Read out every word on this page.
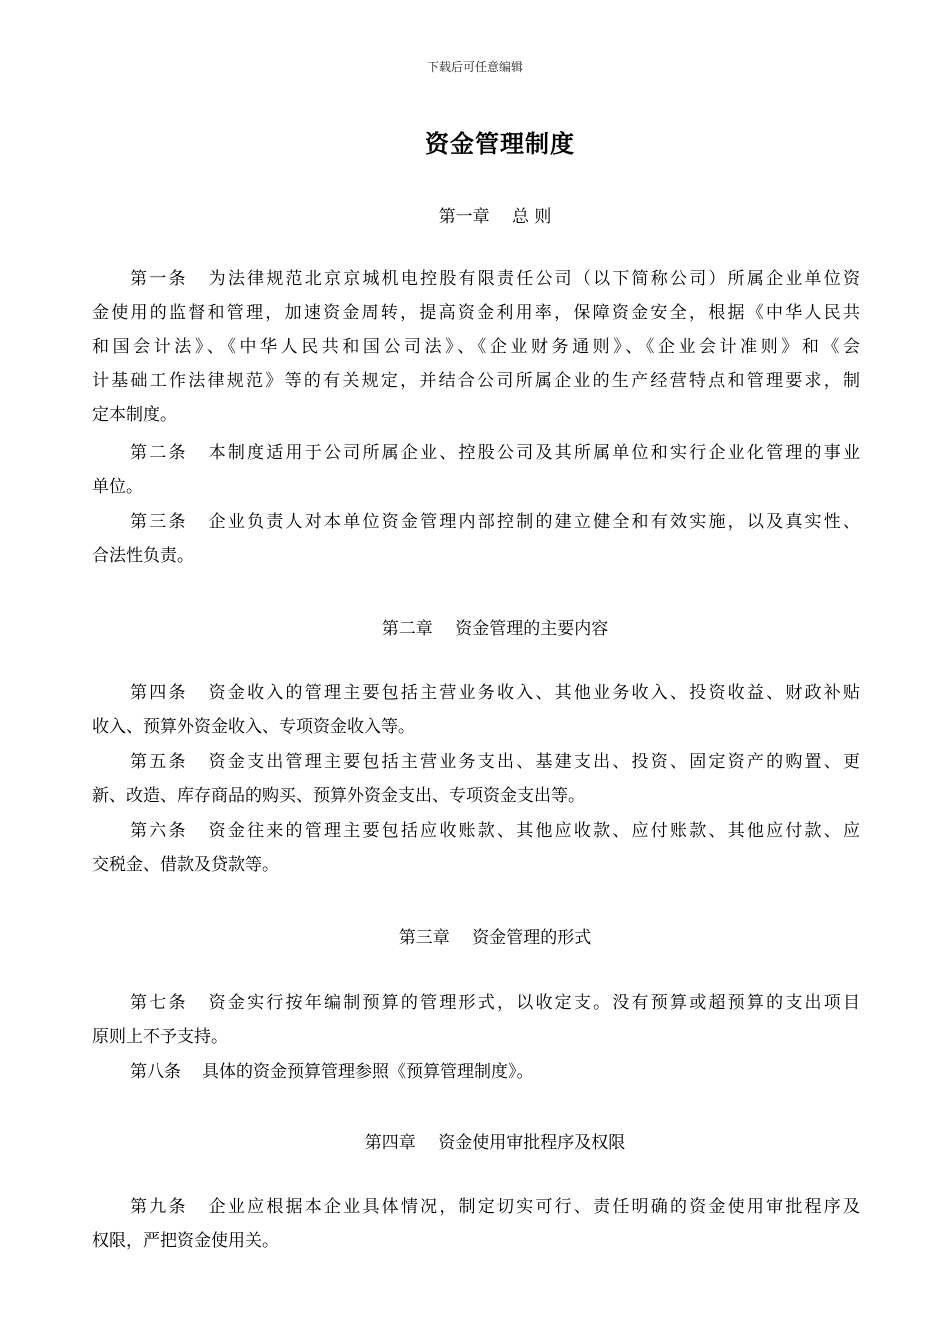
下载后可任意编辑
资金管理制度
第一章　 总 则
第一条 为法律规范北京京城机电控股有限责任公司（以下简称公司）所属企业单位资
金使用的监督和管理，加速资金周转，提高资金利用率，保障资金安全，根据《中华人民共
和国会计法》、《中华人民共和国公司法》、《企业财务通则》、《企业会计准则》和《会
计基础工作法律规范》等的有关规定，并结合公司所属企业的生产经营特点和管理要求，制
定本制度。
第二条 本制度适用于公司所属企业、控股公司及其所属单位和实行企业化管理的事业
单位。
第三条 企业负责人对本单位资金管理内部控制的建立健全和有效实施，以及真实性、
合法性负责。
第二章　 资金管理的主要内容
第四条 资金收入的管理主要包括主营业务收入、其他业务收入、投资收益、财政补贴
收入、预算外资金收入、专项资金收入等。
第五条 资金支出管理主要包括主营业务支出、基建支出、投资、固定资产的购置、更
新、改造、库存商品的购买、预算外资金支出、专项资金支出等。
第六条 资金往来的管理主要包括应收账款、其他应收款、应付账款、其他应付款、应
交税金、借款及贷款等。
第三章　 资金管理的形式
第七条 资金实行按年编制预算的管理形式，以收定支。没有预算或超预算的支出项目
原则上不予支持。
第八条 具体的资金预算管理参照《预算管理制度》。
第四章　 资金使用审批程序及权限
第九条 企业应根据本企业具体情况，制定切实可行、责任明确的资金使用审批程序及
权限，严把资金使用关。
